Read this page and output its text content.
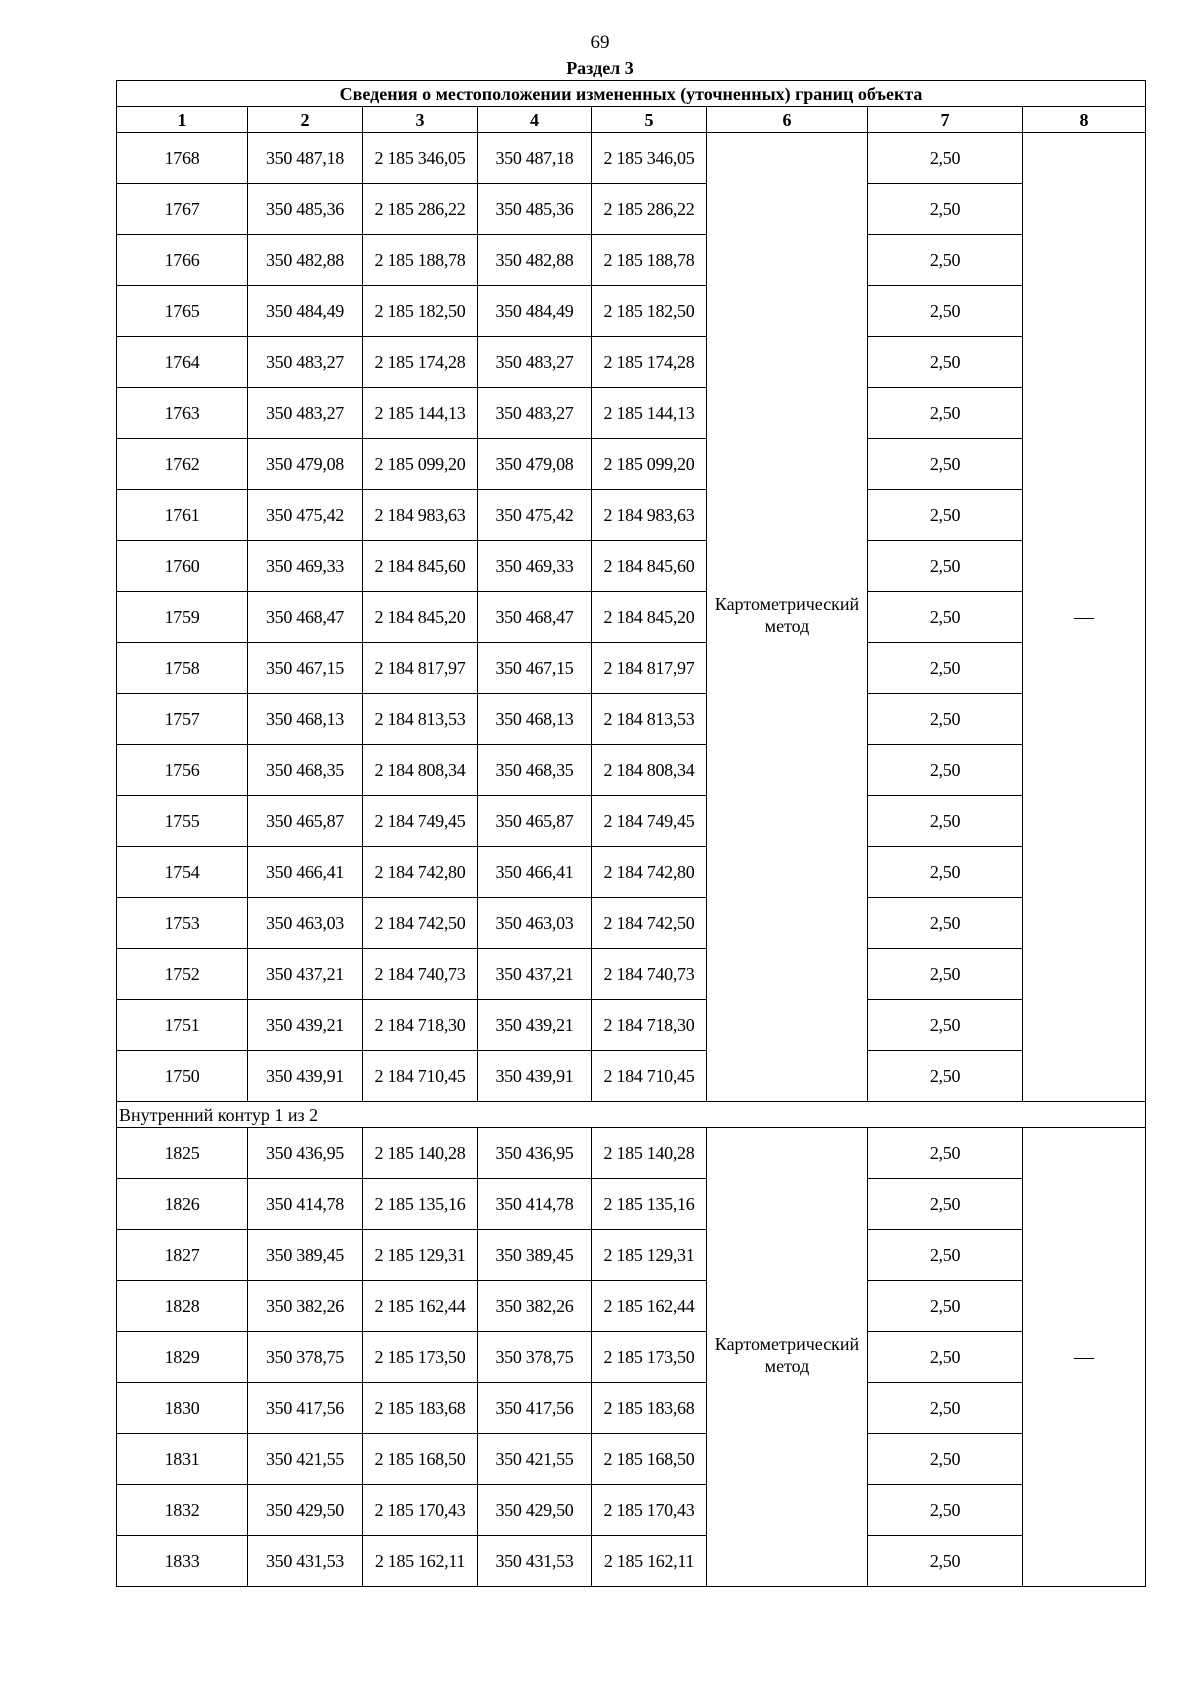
69
Раздел 3
Сведения о местоположении измененных (уточненных) границ объекта							
1	2	3	4	5	6	7	8
1768	350 487,18	2 185 346,05	350 487,18	2 185 346,05	Картометрический метод	2,50	—
1767	350 485,36	2 185 286,22	350 485,36	2 185 286,22		2,50	
1766	350 482,88	2 185 188,78	350 482,88	2 185 188,78		2,50	
1765	350 484,49	2 185 182,50	350 484,49	2 185 182,50		2,50	
1764	350 483,27	2 185 174,28	350 483,27	2 185 174,28		2,50	
1763	350 483,27	2 185 144,13	350 483,27	2 185 144,13		2,50	
1762	350 479,08	2 185 099,20	350 479,08	2 185 099,20		2,50	
1761	350 475,42	2 184 983,63	350 475,42	2 184 983,63		2,50	
1760	350 469,33	2 184 845,60	350 469,33	2 184 845,60		2,50	
1759	350 468,47	2 184 845,20	350 468,47	2 184 845,20		2,50	
1758	350 467,15	2 184 817,97	350 467,15	2 184 817,97		2,50	
1757	350 468,13	2 184 813,53	350 468,13	2 184 813,53		2,50	
1756	350 468,35	2 184 808,34	350 468,35	2 184 808,34		2,50	
1755	350 465,87	2 184 749,45	350 465,87	2 184 749,45		2,50	
1754	350 466,41	2 184 742,80	350 466,41	2 184 742,80		2,50	
1753	350 463,03	2 184 742,50	350 463,03	2 184 742,50		2,50	
1752	350 437,21	2 184 740,73	350 437,21	2 184 740,73		2,50	
1751	350 439,21	2 184 718,30	350 439,21	2 184 718,30		2,50	
1750	350 439,91	2 184 710,45	350 439,91	2 184 710,45		2,50	
Внутренний контур 1 из 2							
1825	350 436,95	2 185 140,28	350 436,95	2 185 140,28	Картометрический метод	2,50	—
1826	350 414,78	2 185 135,16	350 414,78	2 185 135,16		2,50	
1827	350 389,45	2 185 129,31	350 389,45	2 185 129,31		2,50	
1828	350 382,26	2 185 162,44	350 382,26	2 185 162,44		2,50	
1829	350 378,75	2 185 173,50	350 378,75	2 185 173,50		2,50	
1830	350 417,56	2 185 183,68	350 417,56	2 185 183,68		2,50	
1831	350 421,55	2 185 168,50	350 421,55	2 185 168,50		2,50	
1832	350 429,50	2 185 170,43	350 429,50	2 185 170,43		2,50	
1833	350 431,53	2 185 162,11	350 431,53	2 185 162,11		2,50	
